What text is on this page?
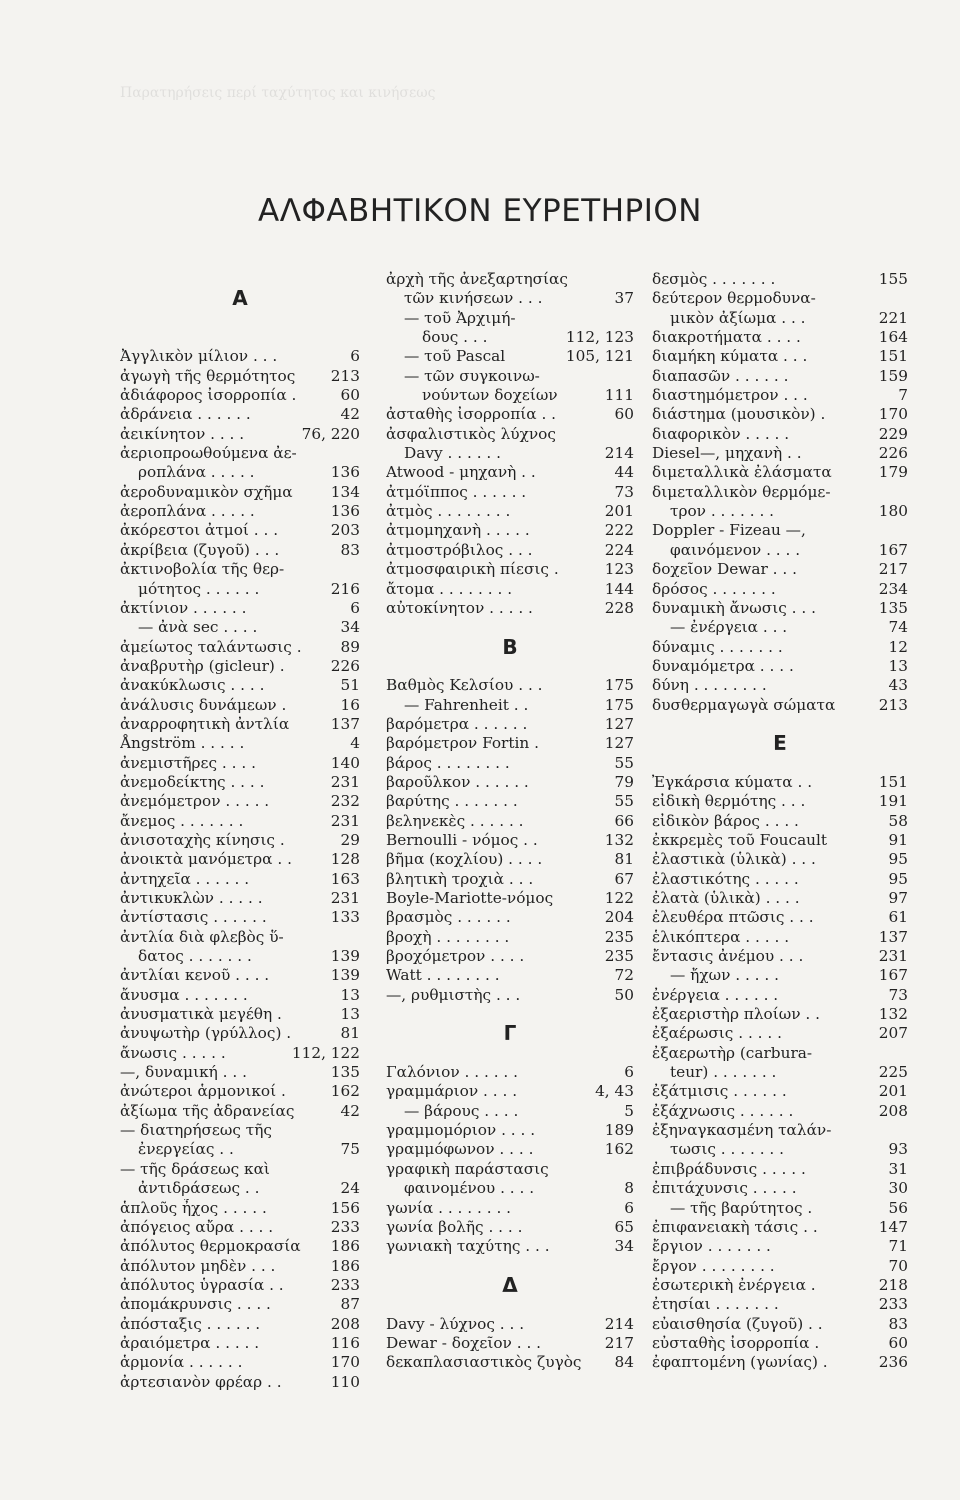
Παρατηρήσεις περί ταχύτητος και κινήσεως
ΑΛΦΑΒΗΤΙΚΟΝ ΕΥΡΕΤΗΡΙΟΝ
Α
Ἀγγλικὸν μίλιον . . .	6
ἀγωγὴ τῆς θερμότητος 213
ἀδιάφορος ἰσορροπία .	60
ἀδράνεια . . . . . .	42
ἀεικίνητον . . . .	76, 220
ἀεριοπροωθούμενα ἀε-
ροπλάνα . . . . .	136
ἀεροδυναμικὸν σχῆμα 134
ἀεροπλάνα . . . . .	136
ἀκόρεστοι ἀτμοί . . .	203
ἀκρίβεια (ζυγοῦ) . . .	83
ἀκτινοβολία τῆς θερ-
μότητος . . . . . .	216
ἀκτίνιον . . . . . .	6
— ἀνὰ sec . . . .	34
ἀμείωτος ταλάντωσις .	89
ἀναβρυτὴρ (gicleur) .	226
ἀνακύκλωσις . . . .	51
ἀνάλυσις δυνάμεων .	16
ἀναρροφητικὴ ἀντλία	137
Ångström . . . . .	4
ἀνεμιστῆρες . . . .	140
ἀνεμοδείκτης . . . .	231
ἀνεμόμετρον . . . . .	232
ἄνεμος . . . . . . .	231
ἀνισοταχὴς κίνησις .	29
ἀνοικτὰ μανόμετρα . .	128
ἀντηχεῖα . . . . . .	163
ἀντικυκλὼν . . . . .	231
ἀντίστασις . . . . . .	133
ἀντλία διὰ φλεβὸς ὕ-
δατος . . . . . . .	139
ἀντλίαι κενοῦ . . . .	139
ἄνυσμα . . . . . . .	13
ἀνυσματικὰ μεγέθη .	13
ἀνυψωτὴρ (γρύλλος) .	81
ἄνωσις . . . . .	112, 122
—, δυναμική . . .	135
ἀνώτεροι ἁρμονικοί .	162
ἀξίωμα τῆς ἀδρανείας	42
— διατηρήσεως τῆς
ἐνεργείας . .	75
— τῆς δράσεως καὶ
ἀντιδράσεως . .	24
ἁπλοῦς ἦχος . . . . .	156
ἀπόγειος αὔρα . . . .	233
ἀπόλυτος θερμοκρασία 186
ἀπόλυτον μηδὲν . . .	186
ἀπόλυτος ὑγρασία . .	233
ἀπομάκρυνσις . . . .	87
ἀπόσταξις . . . . . .	208
ἀραιόμετρα . . . . .	116
ἁρμονία . . . . . .	170
ἀρτεσιανὸν φρέαρ . .	110
ἀρχὴ τῆς ἀνεξαρτησίας
τῶν κινήσεων . . .	37
— τοῦ Ἀρχιμή-
δους . . .	112, 123
— τοῦ Pascal	105, 121
— τῶν συγκοινω-
νούντων δοχείων	111
ἀσταθὴς ἰσορροπία . .	60
ἀσφαλιστικὸς λύχνος
Davy . . . . . .	214
Atwood - μηχανὴ . .	44
ἀτμόϊππος . . . . . .	73
ἀτμὸς . . . . . . . .	201
ἀτμομηχανὴ . . . . .	222
ἀτμοστρόβιλος . . .	224
ἀτμοσφαιρικὴ πίεσις .	123
ἄτομα . . . . . . . .	144
αὐτοκίνητον . . . . .	228
Β
Βαθμὸς Κελσίου . . .	175
— Fahrenheit . .	175
βαρόμετρα . . . . . .	127
βαρόμετρον Fortin .	127
βάρος . . . . . . . .	55
βαροῦλκον . . . . . .	79
βαρύτης . . . . . . .	55
βεληνεκὲς . . . . . .	66
Bernoulli - νόμος . .	132
βῆμα (κοχλίου) . . . .	81
βλητικὴ τροχιὰ . . .	67
Boyle-Mariotte-νόμος	122
βρασμὸς . . . . . .	204
βροχὴ . . . . . . . .	235
βροχόμετρον . . . .	235
Watt . . . . . . . .	72
—, ρυθμιστὴς . . .	50
Γ
Γαλόνιον . . . . . .	6
γραμμάριον . . . .	4, 43
— βάρους . . . .	5
γραμμομόριον . . . .	189
γραμμόφωνον . . . .	162
γραφικὴ παράστασις
φαινομένου . . . .	8
γωνία . . . . . . . .	6
γωνία βολῆς . . . .	65
γωνιακὴ ταχύτης . . .	34
Δ
Davy - λύχνος . . .	214
Dewar - δοχεῖον . . .	217
δεκαπλασιαστικὸς ζυγὸς 84
δεσμὸς . . . . . . .	155
δεύτερον θερμοδυνα-
μικὸν ἀξίωμα . . .	221
διακροτήματα . . . .	164
διαμήκη κύματα . . .	151
διαπασῶν . . . . . .	159
διαστημόμετρον . . .	7
διάστημα (μουσικὸν) .	170
διαφορικὸν . . . . .	229
Diesel—, μηχανὴ . .	226
διμεταλλικὰ ἐλάσματα	179
διμεταλλικὸν θερμόμε-
τρον . . . . . . .	180
Doppler - Fizeau —,
φαινόμενον . . . .	167
δοχεῖον Dewar . . .	217
δρόσος . . . . . . .	234
δυναμικὴ ἄνωσις . . .	135
— ἐνέργεια . . .	74
δύναμις . . . . . . .	12
δυναμόμετρα . . . .	13
δύνη . . . . . . . .	43
δυσθερμαγωγὰ σώματα	213
Ε
Ἐγκάρσια κύματα . .	151
εἰδικὴ θερμότης . . .	191
εἰδικὸν βάρος . . . .	58
ἐκκρεμὲς τοῦ Foucault	91
ἐλαστικὰ (ὑλικὰ) . . .	95
ἐλαστικότης . . . . .	95
ἐλατὰ (ὑλικὰ) . . . .	97
ἐλευθέρα πτῶσις . . .	61
ἑλικόπτερα . . . . .	137
ἔντασις ἀνέμου . . .	231
— ἤχων . . . . .	167
ἐνέργεια . . . . . .	73
ἐξαεριστὴρ πλοίων . .	132
ἐξαέρωσις . . . . .	207
ἐξαερωτὴρ (carbura-
teur) . . . . . . .	225
ἐξάτμισις . . . . . .	201
ἐξάχνωσις . . . . . .	208
ἐξηναγκασμένη ταλάν-
τωσις . . . . . . .	93
ἐπιβράδυνσις . . . . .	31
ἐπιτάχυνσις . . . . .	30
— τῆς βαρύτητος .	56
ἐπιφανειακὴ τάσις . .	147
ἔργιον . . . . . . .	71
ἔργον . . . . . . . .	70
ἐσωτερικὴ ἐνέργεια .	218
ἐτησίαι . . . . . . .	233
εὐαισθησία (ζυγοῦ) . .	83
εὐσταθὴς ἰσορροπία .	60
ἐφαπτομένη (γωνίας) .	236
